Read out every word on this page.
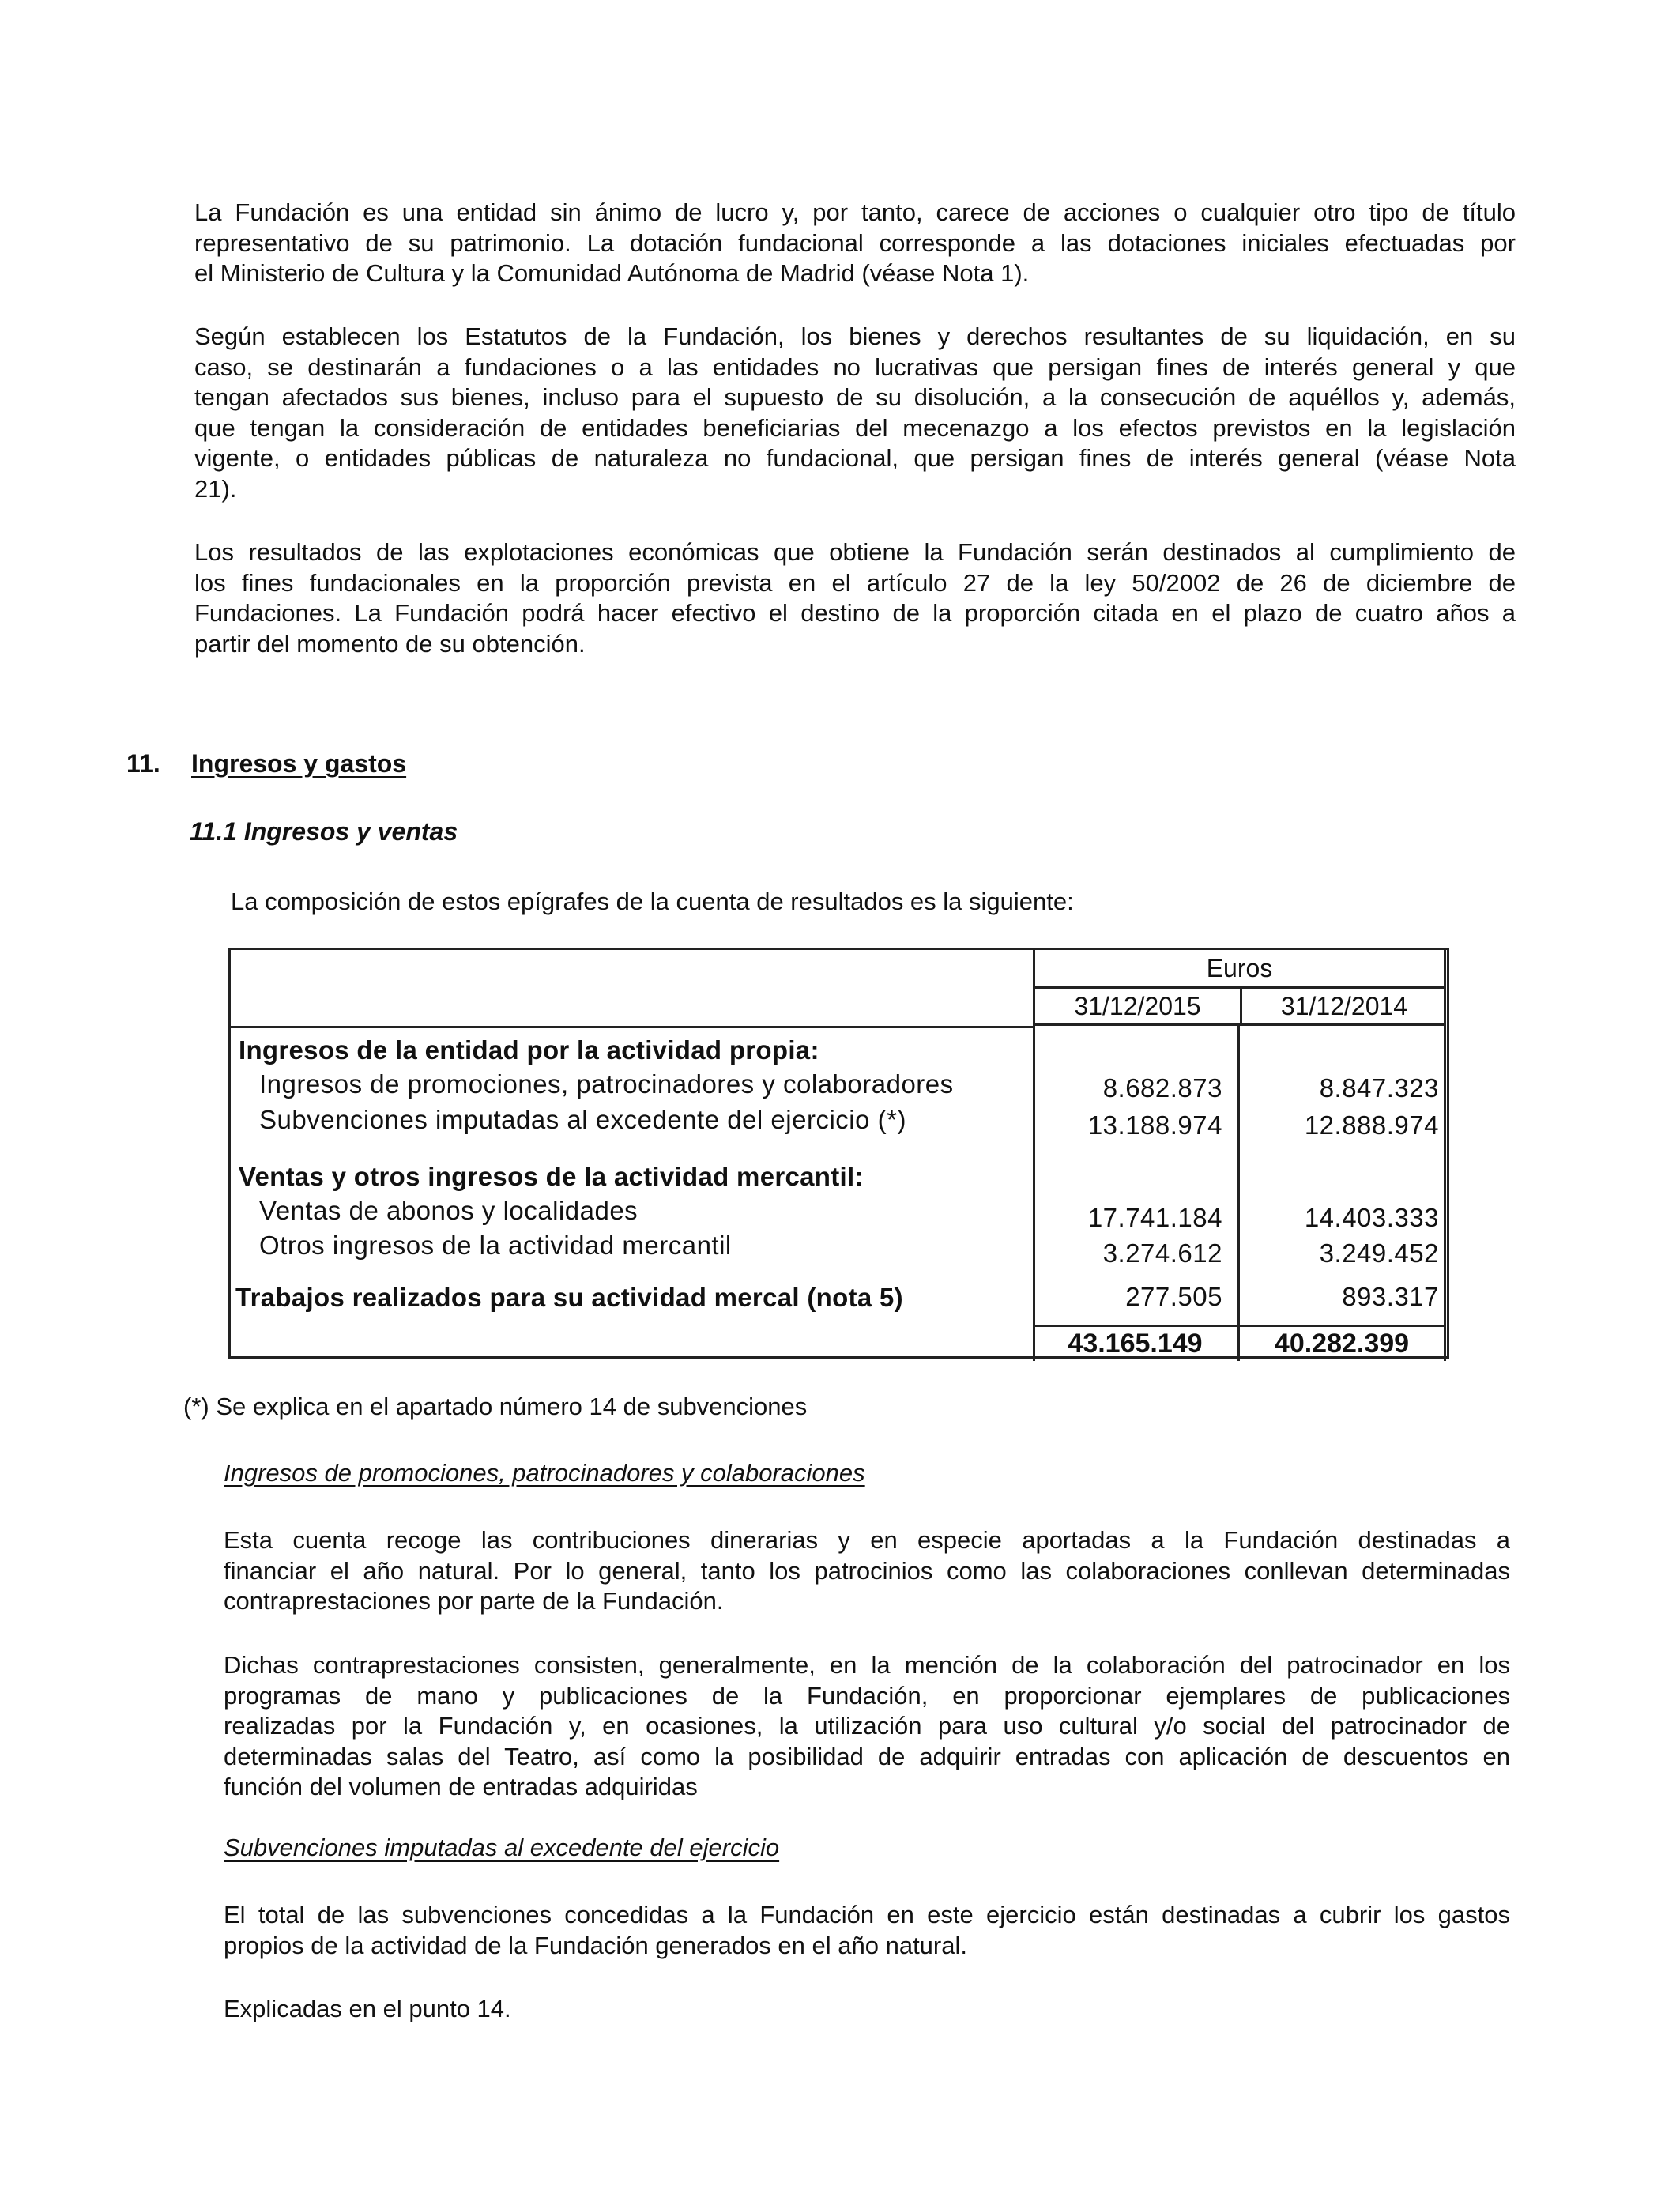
La Fundación es una entidad sin ánimo de lucro y, por tanto, carece de acciones o cualquier otro tipo de título
representativo de su patrimonio. La dotación fundacional corresponde a las dotaciones iniciales efectuadas por
el Ministerio de Cultura y la Comunidad Autónoma de Madrid (véase Nota 1).
Según establecen los Estatutos de la Fundación, los bienes y derechos resultantes de su liquidación, en su
caso, se destinarán a fundaciones o a las entidades no lucrativas que persigan fines de interés general y que
tengan afectados sus bienes, incluso para el supuesto de su disolución, a la consecución de aquéllos y, además,
que tengan la consideración de entidades beneficiarias del mecenazgo a los efectos previstos en la legislación
vigente, o entidades públicas de naturaleza no fundacional, que persigan fines de interés general (véase Nota
21).
Los resultados de las explotaciones económicas que obtiene la Fundación serán destinados al cumplimiento de
los fines fundacionales en la proporción prevista en el artículo 27 de la ley 50/2002 de 26 de diciembre de
Fundaciones. La Fundación podrá hacer efectivo el destino de la proporción citada en el plazo de cuatro años a
partir del momento de su obtención.
11. Ingresos y gastos
11.1 Ingresos y ventas

La composición de estos epígrafes de la cuenta de resultados es la siguiente:

Euros
31/12/2015	31/12/2014
Ingresos de la entidad por la actividad propia:
Ingresos de promociones, patrocinadores y colaboradores	8.682.873	8.847.323
Subvenciones imputadas al excedente del ejercicio (*)	13.188.974	12.888.974
Ventas y otros ingresos de la actividad mercantil:
Ventas de abonos y localidades	17.741.184	14.403.333
Otros ingresos de la actividad mercantil	3.274.612	3.249.452
Trabajos realizados para su actividad mercal (nota 5)	277.505	893.317
43.165.149	40.282.399

(*) Se explica en el apartado número 14 de subvenciones

Ingresos de promociones, patrocinadores y colaboraciones

Esta cuenta recoge las contribuciones dinerarias y en especie aportadas a la Fundación destinadas a
financiar el año natural. Por lo general, tanto los patrocinios como las colaboraciones conllevan determinadas
contraprestaciones por parte de la Fundación.
Dichas contraprestaciones consisten, generalmente, en la mención de la colaboración del patrocinador en los
programas de mano y publicaciones de la Fundación, en proporcionar ejemplares de publicaciones
realizadas por la Fundación y, en ocasiones, la utilización para uso cultural y/o social del patrocinador de
determinadas salas del Teatro, así como la posibilidad de adquirir entradas con aplicación de descuentos en
función del volumen de entradas adquiridas

Subvenciones imputadas al excedente del ejercicio

El total de las subvenciones concedidas a la Fundación en este ejercicio están destinadas a cubrir los gastos
propios de la actividad de la Fundación generados en el año natural.

Explicadas en el punto 14.
